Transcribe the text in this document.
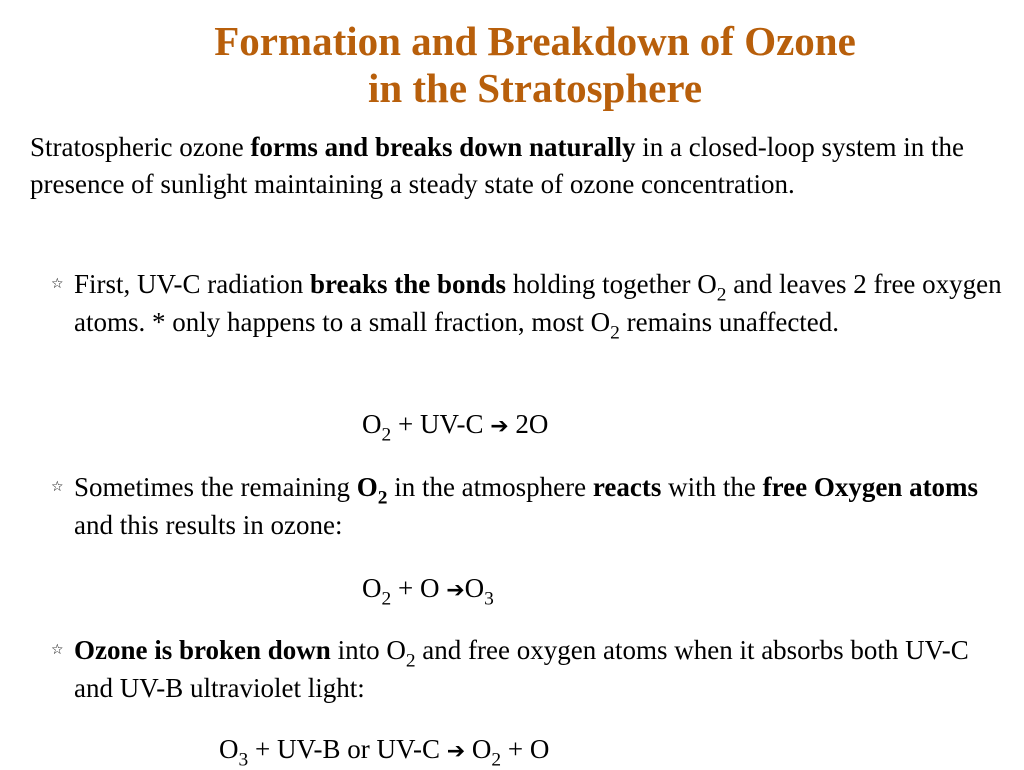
Formation and Breakdown of Ozone
in the Stratosphere

Stratospheric ozone forms and breaks down naturally in a closed-loop system in the presence of sunlight maintaining a steady state of ozone concentration.

☆ First, UV-C radiation breaks the bonds holding together $O_2$ and leaves 2 free oxygen atoms. * only happens to a small fraction, most $O_2$ remains unaffected.

$O_2 + UV-C$ ➔ 2O

☆ Sometimes the remaining $O_2$ in the atmosphere reacts with the free Oxygen atoms and this results in ozone:

$O_2 + O$ $➔O_3$

☆ Ozone is broken down into $O_2$ and free oxygen atoms when it absorbs both UV-C and UV-B ultraviolet light:

$O_3 + UV-B$ or UV-C ➔ $O_2 + O$
